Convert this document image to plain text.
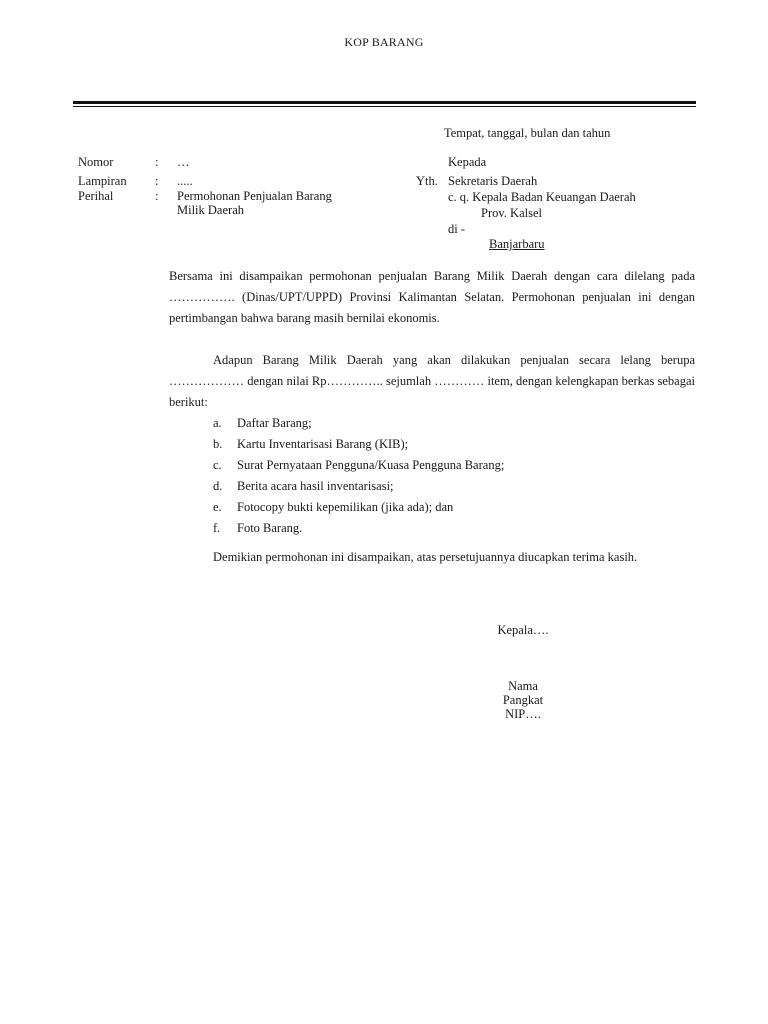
KOP BARANG
Tempat, tanggal, bulan dan tahun
Nomor	: …
Lampiran : .....
Perihal	: Permohonan Penjualan Barang
Milik Daerah
Kepada
Yth. Sekretaris Daerah
c. q. Kepala Badan Keuangan Daerah
Prov. Kalsel
di -
Banjarbaru
Bersama ini disampaikan permohonan penjualan Barang Milik Daerah dengan cara dilelang pada ……………. (Dinas/UPT/UPPD) Provinsi Kalimantan Selatan. Permohonan penjualan ini dengan pertimbangan bahwa barang masih bernilai ekonomis.
Adapun Barang Milik Daerah yang akan dilakukan penjualan secara lelang berupa ……………… dengan nilai Rp………….. sejumlah ………… item, dengan kelengkapan berkas sebagai berikut:
a. Daftar Barang;
b. Kartu Inventarisasi Barang (KIB);
c. Surat Pernyataan Pengguna/Kuasa Pengguna Barang;
d. Berita acara hasil inventarisasi;
e. Fotocopy bukti kepemilikan (jika ada); dan
f. Foto Barang.
Demikian permohonan ini disampaikan, atas persetujuannya diucapkan terima kasih.
Kepala….
Nama
Pangkat
NIP….
